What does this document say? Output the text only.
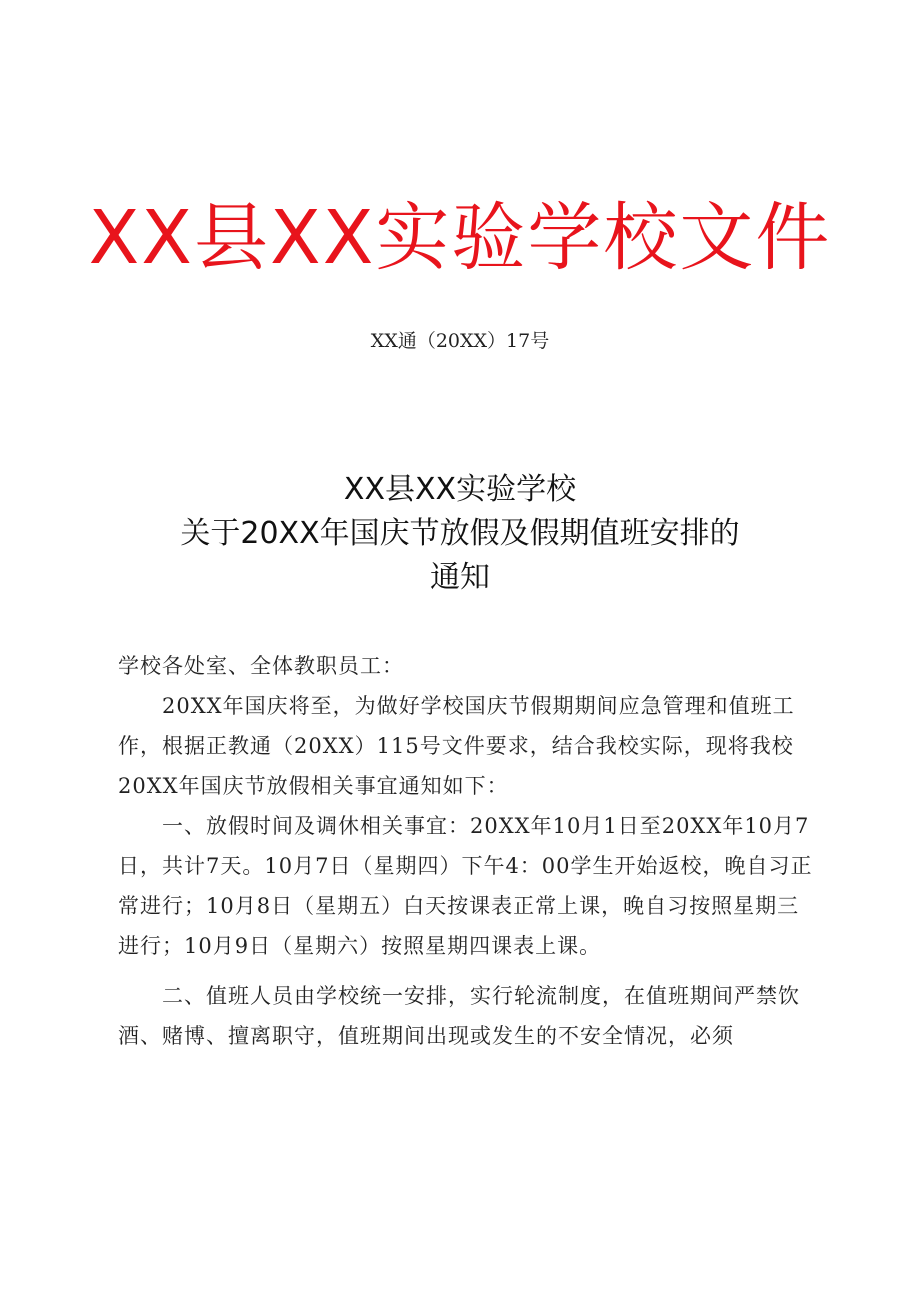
XX县XX实验学校文件
XX通（20XX）17号
XX县XX实验学校
关于20XX年国庆节放假及假期值班安排的
通知

学校各处室、全体教职员工：

20XX年国庆将至，为做好学校国庆节假期期间应急管理和值班工作，根据正教通（20XX）115号文件要求，结合我校实际，现将我校20XX年国庆节放假相关事宜通知如下：

一、放假时间及调休相关事宜：20XX年10月1日至20XX年10月7日，共计7天。10月7日（星期四）下午4：00学生开始返校，晚自习正常进行；10月8日（星期五）白天按课表正常上课，晚自习按照星期三进行；10月9日（星期六）按照星期四课表上课。

二、值班人员由学校统一安排，实行轮流制度，在值班期间严禁饮酒、赌博、擅离职守，值班期间出现或发生的不安全情况，必须
